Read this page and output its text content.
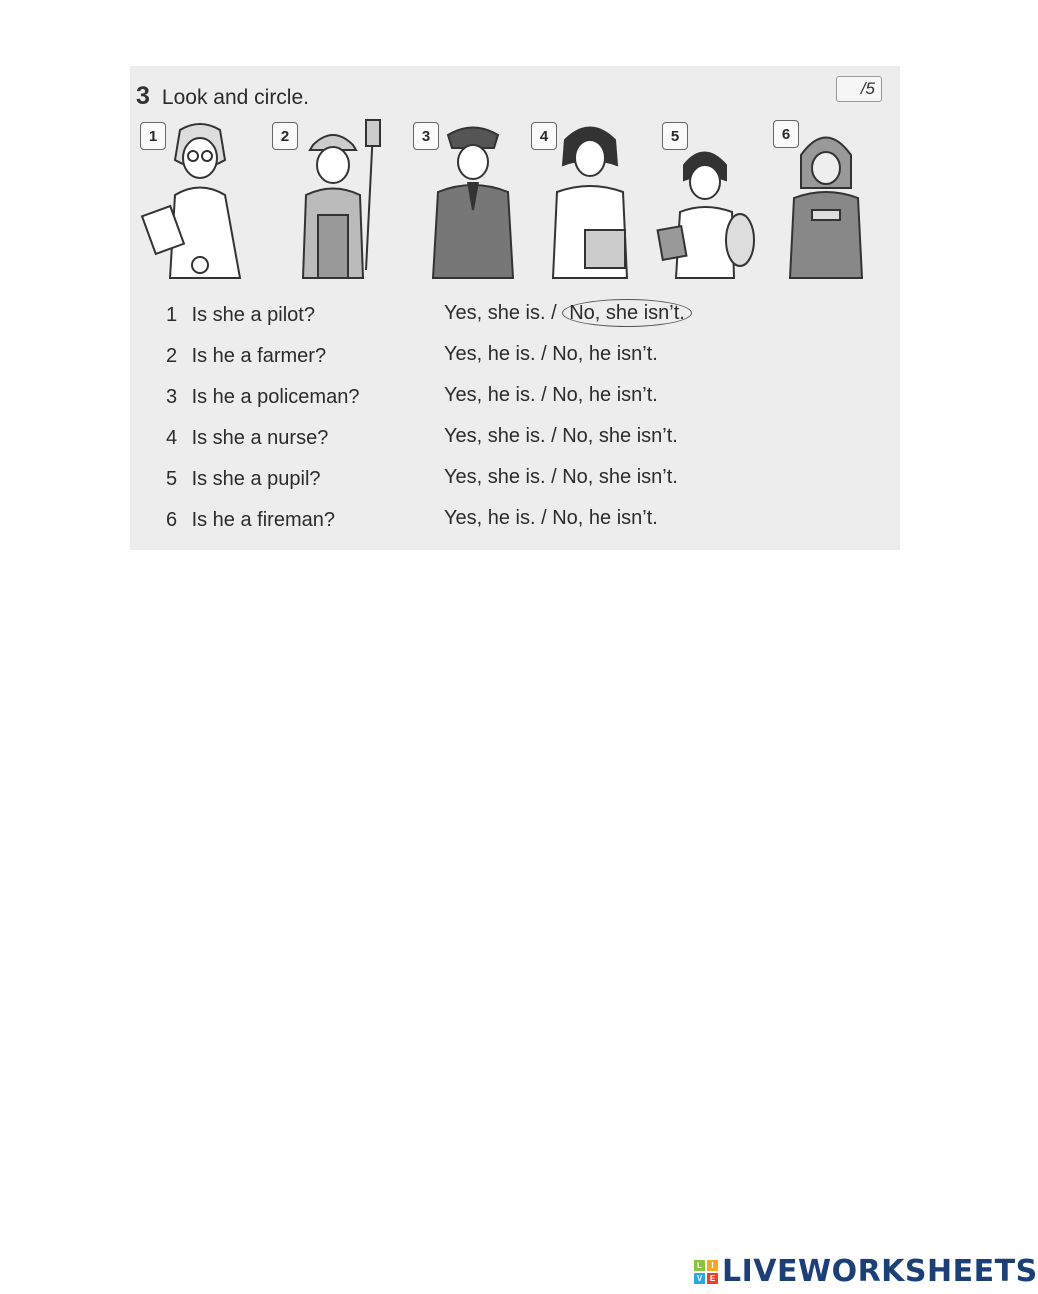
3 Look and circle.	/5
1	2	3	4	5	6
1 Is she a pilot?	Yes, she is. / No, she isn’t.
2 Is he a farmer?	Yes, he is. / No, he isn’t.
3 Is he a policeman?	Yes, he is. / No, he isn’t.
4 Is she a nurse?	Yes, she is. / No, she isn’t.
5 Is she a pupil?	Yes, she is. / No, she isn’t.
6 Is he a fireman?	Yes, he is. / No, he isn’t.
L	I
V E LIVEWORKSHEETS
